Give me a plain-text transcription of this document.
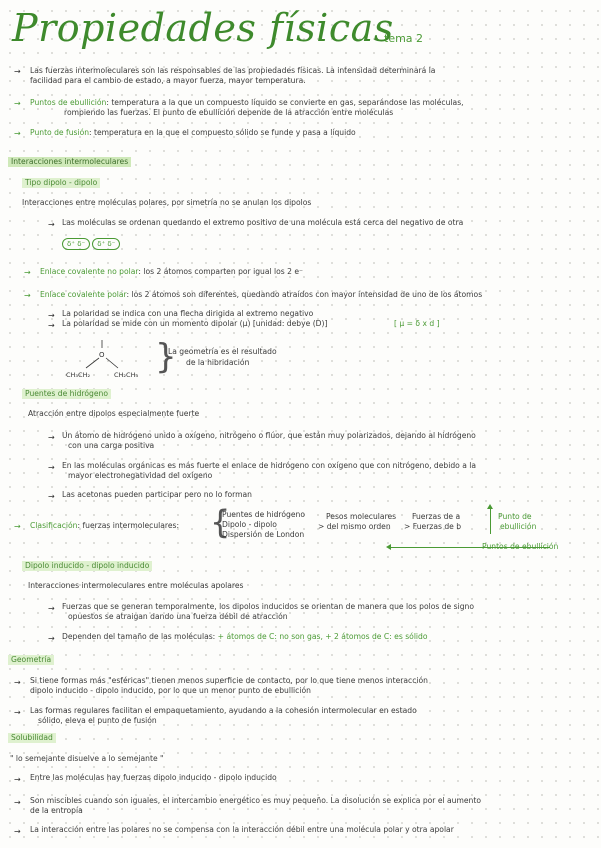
Propiedades físicas
tema 2
→ Las fuerzas intermoleculares son las responsables de las propiedades físicas. La intensidad determinará la
facilidad para el cambio de estado, a mayor fuerza, mayor temperatura.
→ Puntos de ebullición: temperatura a la que un compuesto líquido se convierte en gas, separándose las moléculas,
rompiendo las fuerzas. El punto de ebullición depende de la atracción entre moléculas
→ Punto de fusión: temperatura en la que el compuesto sólido se funde y pasa a líquido
Interacciones intermoleculares
Tipo dipolo - dipolo
Interacciones entre moléculas polares, por simetría no se anulan los dipolos
→ Las moléculas se ordenan quedando el extremo positivo de una molécula está cerca del negativo de otra
δ⁺ δ⁻ δ⁺ δ⁻
→ Enlace covalente no polar: los 2 átomos comparten por igual los 2 e⁻
→ Enlace covalente polar: los 2 átomos son diferentes, quedando atraídos con mayor intensidad de uno de los átomos
→ La polaridad se indica con una flecha dirigida al extremo negativo
→ La polaridad se mide con un momento dipolar (μ) [unidad: debye (D)]	[ μ = δ x d ]
O
CH₃CH₂	CH₂CH₃ }
La geometría es el resultado
de la hibridación
Puentes de hidrógeno
Atracción entre dipolos especialmente fuerte
→ Un átomo de hidrógeno unido a oxígeno, nitrógeno o flúor, que están muy polarizados, dejando al hidrógeno
con una carga positiva
→ En las moléculas orgánicas es más fuerte el enlace de hidrógeno con oxígeno que con nitrógeno, debido a la
mayor electronegatividad del oxígeno
→ Las acetonas pueden participar pero no lo forman
→ Clasificación: fuerzas intermoleculares: {
Puentes de hidrógeno
Dipolo - dipolo
Dispersión de London
Pesos moleculares
> del mismo orden
Fuerzas de a
> Fuerzas de b
Punto de
ebullición
Puntos de ebullición
Dipolo inducido - dipolo inducido
Interacciones intermoleculares entre moléculas apolares
→ Fuerzas que se generan temporalmente, los dipolos inducidos se orientan de manera que los polos de signo
opuestos se atraigan dando una fuerza débil de atracción
→ Dependen del tamaño de las moléculas: + átomos de C: no son gas, + 2 átomos de C: es sólido
Geometría
→ Si tiene formas más "esféricas" tienen menos superficie de contacto, por lo que tiene menos interacción
dipolo inducido - dipolo inducido, por lo que un menor punto de ebullición
→ Las formas regulares facilitan el empaquetamiento, ayudando a la cohesión intermolecular en estado
sólido, eleva el punto de fusión
Solubilidad
" lo semejante disuelve a lo semejante "
→ Entre las moléculas hay fuerzas dipolo inducido - dipolo inducido
→ Son miscibles cuando son iguales, el intercambio energético es muy pequeño. La disolución se explica por el aumento
de la entropía
→ La interacción entre las polares no se compensa con la interacción débil entre una molécula polar y otra apolar
